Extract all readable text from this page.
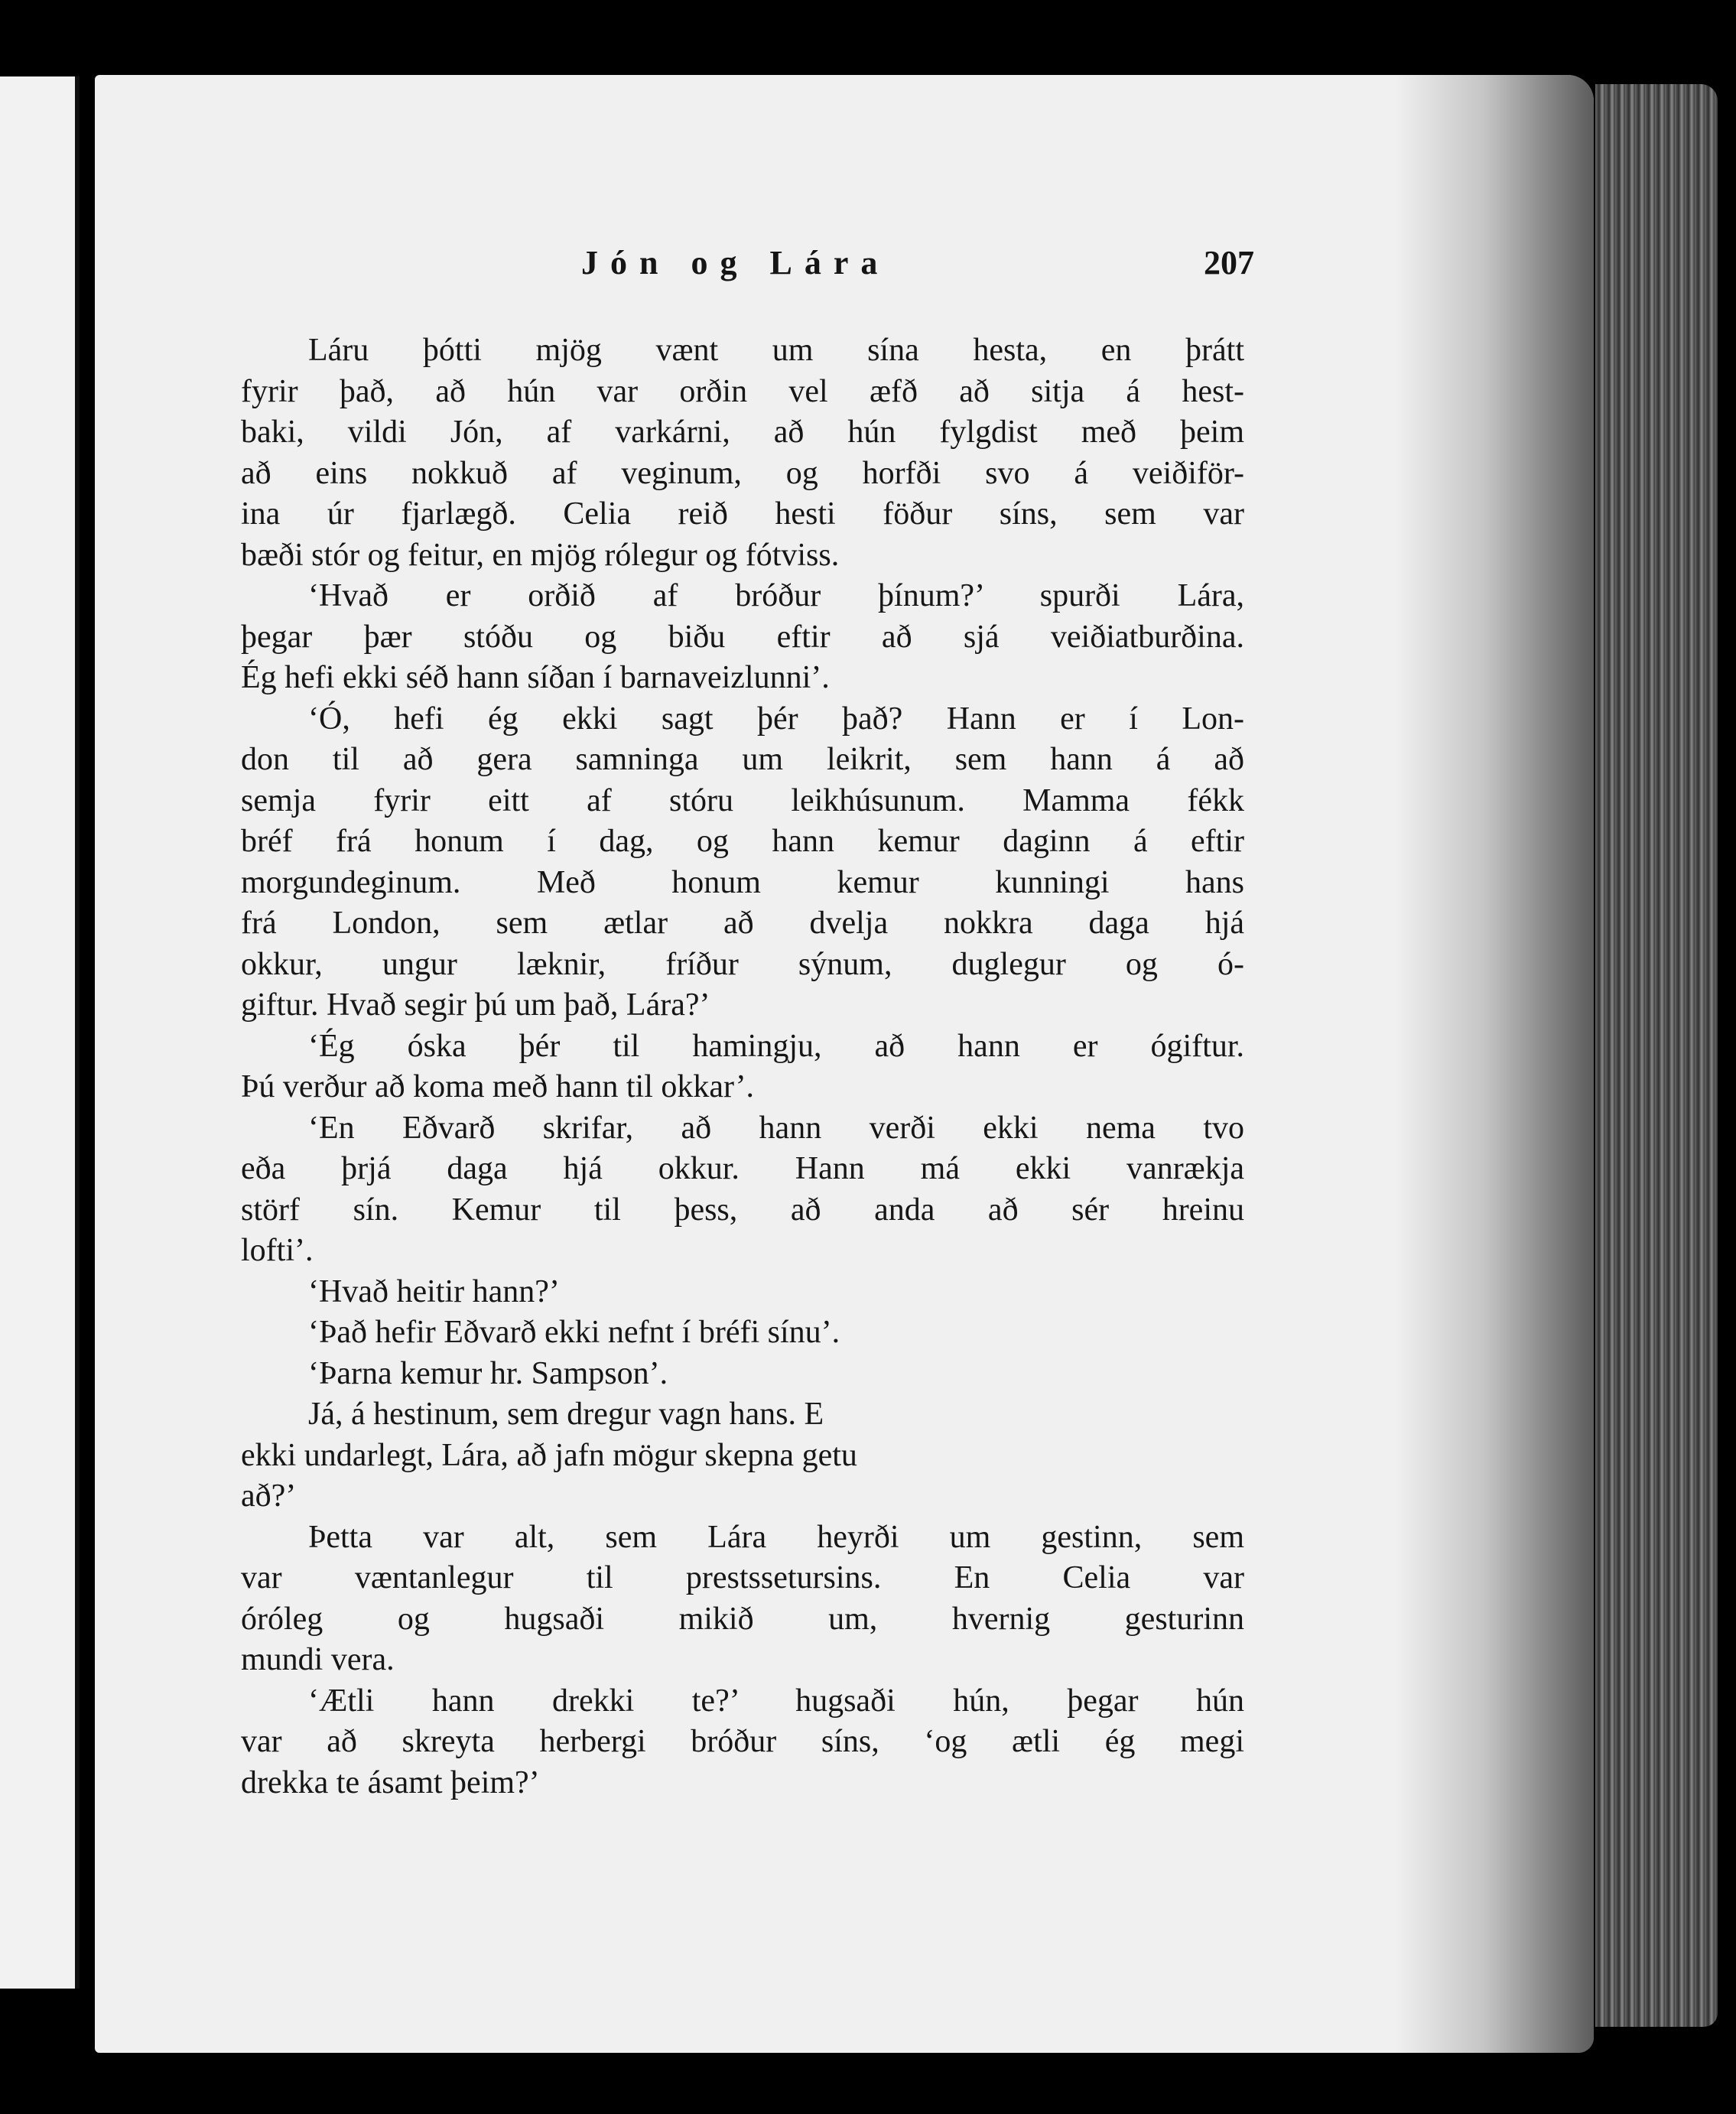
Jón og Lára	207
Láru þótti mjög vænt um sína hesta, en þrátt
fyrir það, að hún var orðin vel æfð að sitja á hest-
baki, vildi Jón, af varkárni, að hún fylgdist með þeim
að eins nokkuð af veginum, og horfði svo á veiðiför-
ina úr fjarlægð. Celia reið hesti föður síns, sem var
bæði stór og feitur, en mjög rólegur og fótviss.
‘Hvað er orðið af bróður þínum?’ spurði Lára,
þegar þær stóðu og biðu eftir að sjá veiðiatburðina.
Ég hefi ekki séð hann síðan í barnaveizlunni’.
‘Ó, hefi ég ekki sagt þér það? Hann er í Lon-
don til að gera samninga um leikrit, sem hann á að
semja fyrir eitt af stóru leikhúsunum. Mamma fékk
bréf frá honum í dag, og hann kemur daginn á eftir
morgundeginum. Með honum kemur kunningi hans
frá London, sem ætlar að dvelja nokkra daga hjá
okkur, ungur læknir, fríður sýnum, duglegur og ó-
giftur. Hvað segir þú um það, Lára?’
‘Ég óska þér til hamingju, að hann er ógiftur.
Þú verður að koma með hann til okkar’.
‘En Eðvarð skrifar, að hann verði ekki nema tvo
eða þrjá daga hjá okkur. Hann má ekki vanrækja
störf sín. Kemur til þess, að anda að sér hreinu
lofti’.
‘Hvað heitir hann?’
‘Það hefir Eðvarð ekki nefnt í bréfi sínu’.
‘Þarna kemur hr. Sampson’.
Já, á hestinum, sem dregur vagn hans. E
ekki undarlegt, Lára, að jafn mögur skepna getu
að?’
Þetta var alt, sem Lára heyrði um gestinn, sem
var væntanlegur til prestssetursins. En Celia var
óróleg og hugsaði mikið um, hvernig gesturinn
mundi vera.
‘Ætli hann drekki te?’ hugsaði hún, þegar hún
var að skreyta herbergi bróður síns, ‘og ætli ég megi
drekka te ásamt þeim?’
